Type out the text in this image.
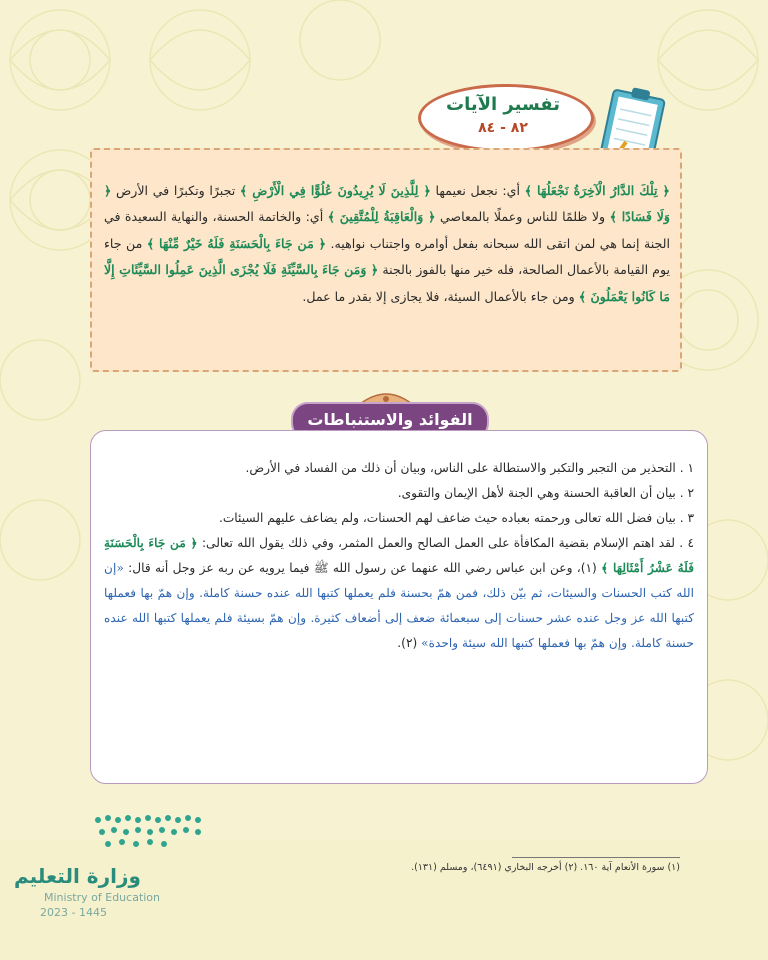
تفسير الآيات
٨٢ - ٨٤
﴿ تِلْكَ الدَّارُ الْآخِرَةُ نَجْعَلُهَا ﴾ أي: نجعل نعيمها ﴿ لِلَّذِينَ لَا يُرِيدُونَ عُلُوًّا فِي الْأَرْضِ ﴾ تجبرًا وتكبرًا في الأرض ﴿ وَلَا فَسَادًا ﴾ ولا ظلمًا للناس وعملًا بالمعاصي ﴿ وَالْعَاقِبَةُ لِلْمُتَّقِينَ ﴾ أي: والخاتمة الحسنة، والنهاية السعيدة في الجنة إنما هي لمن اتقى الله سبحانه بفعل أوامره واجتناب نواهيه. ﴿ مَن جَاءَ بِالْحَسَنَةِ فَلَهُ خَيْرٌ مِّنْهَا ﴾ من جاء يوم القيامة بالأعمال الصالحة، فله خير منها بالفوز بالجنة ﴿ وَمَن جَاءَ بِالسَّيِّئَةِ فَلَا يُجْزَى الَّذِينَ عَمِلُوا السَّيِّئَاتِ إِلَّا مَا كَانُوا يَعْمَلُونَ ﴾ ومن جاء بالأعمال السيئة، فلا يجازى إلا بقدر ما عمل.
الفوائد والاستنباطات
١ . التحذير من التجبر والتكبر والاستطالة على الناس، وبيان أن ذلك من الفساد في الأرض.
٢ . بيان أن العاقبة الحسنة وهي الجنة لأهل الإيمان والتقوى.
٣ . بيان فضل الله تعالى ورحمته بعباده حيث ضاعف لهم الحسنات، ولم يضاعف عليهم السيئات.
٤ . لقد اهتم الإسلام بقضية المكافأة على العمل الصالح والعمل المثمر، وفي ذلك يقول الله تعالى: ﴿ مَن جَاءَ بِالْحَسَنَةِ فَلَهُ عَشْرُ أَمْثَالِهَا ﴾ (١)، وعن ابن عباس رضي الله عنهما عن رسول الله ﷺ فيما يرويه عن ربه عز وجل أنه قال: «إن الله كتب الحسنات والسيئات، ثم بيّن ذلك، فمن همّ بحسنة فلم يعملها كتبها الله عنده حسنة كاملة. وإن همّ بها فعملها كتبها الله عز وجل عنده عشر حسنات إلى سبعمائة ضعف إلى أضعاف كثيرة. وإن همّ بسيئة فلم يعملها كتبها الله عنده حسنة كاملة. وإن همّ بها فعملها كتبها الله سيئة واحدة» (٢).
(١) سورة الأنعام آية ١٦٠. (٢) أخرجه البخاري (٦٤٩١)، ومسلم (١٣١).
وزارة التعليم
Ministry of Education
2023 - 1445
